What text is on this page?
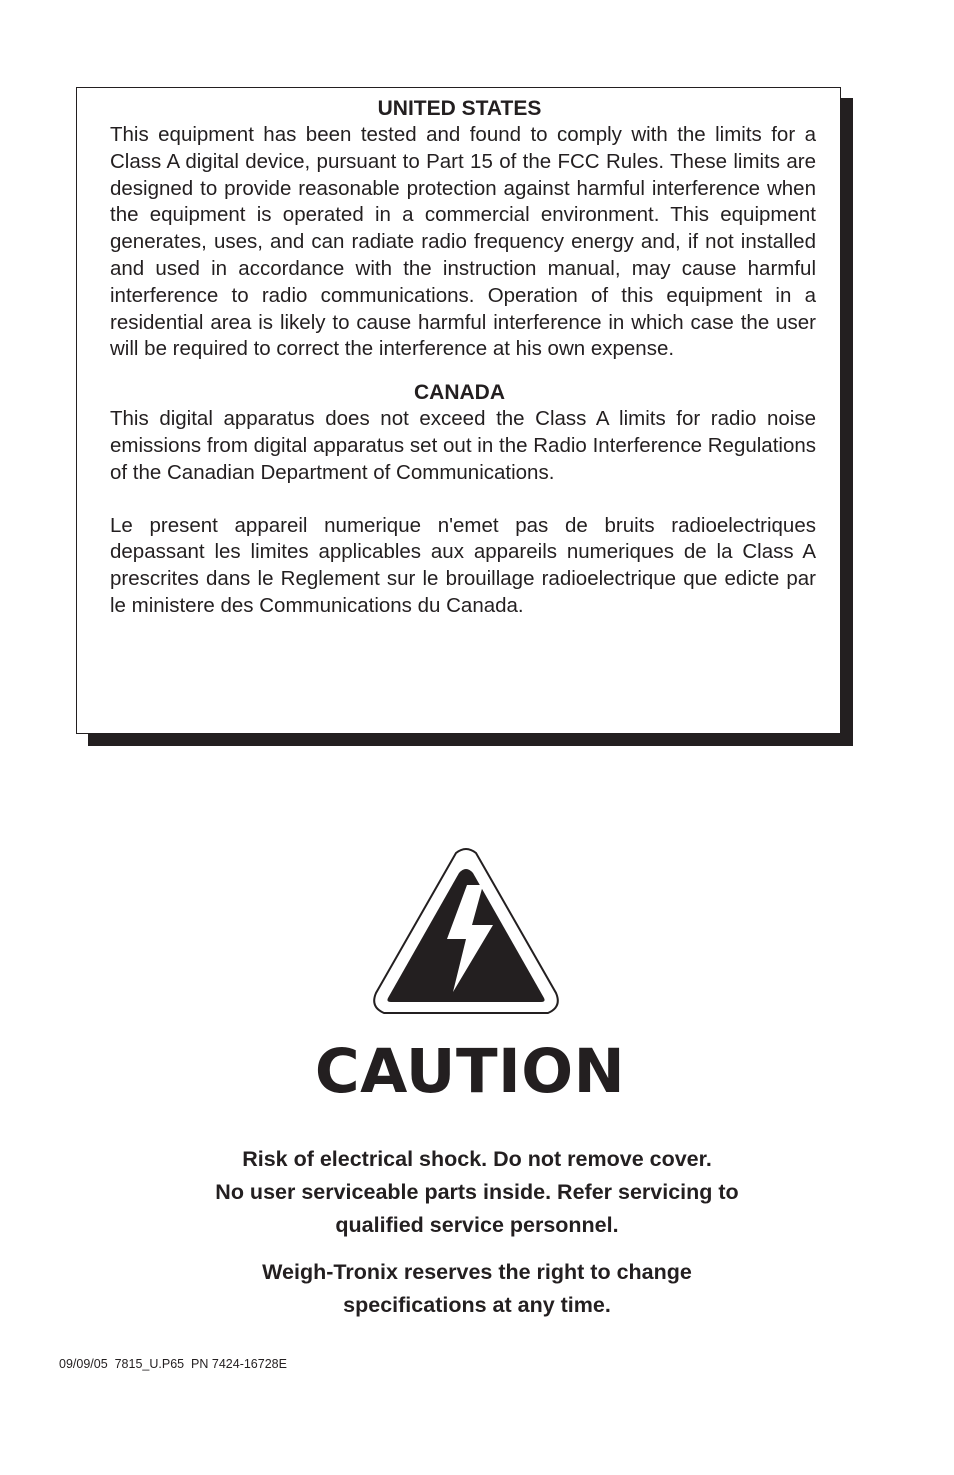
UNITED STATES

This equipment has been tested and found to comply with the limits for a Class A digital device, pursuant to Part 15 of the FCC Rules. These limits are designed to provide reasonable protection against harmful interference when the equipment is operated in a commercial environment. This equipment generates, uses, and can radiate radio frequency energy and, if not installed and used in accordance with the instruction manual, may cause harmful interference to radio communications. Operation of this equipment in a residential area is likely to cause harmful interference in which case the user will be required to correct the interference at his own expense.

CANADA

This digital apparatus does not exceed the Class A limits for radio noise emissions from digital apparatus set out in the Radio Interference Regulations of the Canadian Department of Communications.

Le present appareil numerique n'emet pas de bruits radioelectriques depassant les limites applicables aux appareils numeriques de la Class A prescrites dans le Reglement sur le brouillage radioelectrique que edicte par le ministere des Communications du Canada.

CAUTION
Risk of electrical shock. Do not remove cover.
No user serviceable parts inside. Refer servicing to
qualified service personnel.
Weigh-Tronix reserves the right to change
specifications at any time.
09/09/05  7815_U.P65  PN 7424-16728E
